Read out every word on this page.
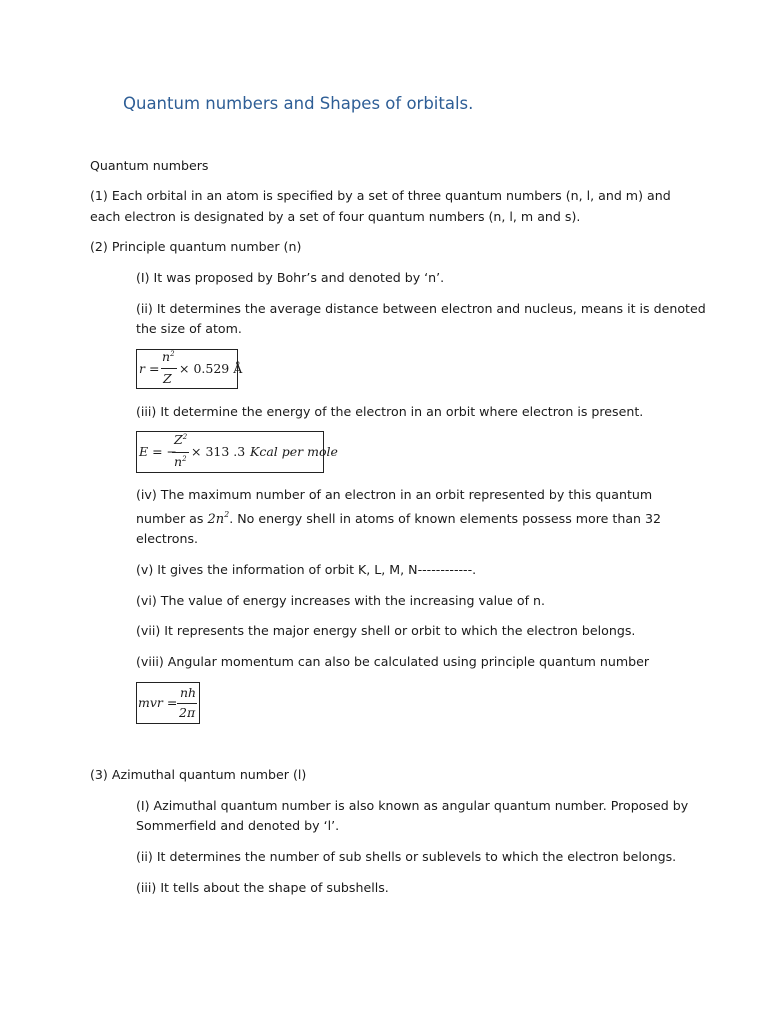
Quantum numbers and Shapes of orbitals.
Quantum numbers
(1) Each orbital in an atom is specified by a set of three quantum numbers (n, l, and m) and
each electron is designated by a set of four quantum numbers (n, l, m and s).
(2) Principle quantum number (n)
(I) It was proposed by Bohr’s and denoted by ‘n’.
(ii) It determines the average distance between electron and nucleus, means it is denoted
the size of atom.
r =
$n^2$
Z
× 0.529 Å
(iii) It determine the energy of the electron in an orbit where electron is present.
E = −
$Z^2$
$n^2 \times 313$ .3 Kcal per mole
(iv) The maximum number of an electron in an orbit represented by this quantum
number as $2n^2$. No energy shell in atoms of known elements possess more than 32
electrons.
(v) It gives the information of orbit K, L, M, N------------.
(vi) The value of energy increases with the increasing value of n.
(vii) It represents the major energy shell or orbit to which the electron belongs.
(viii) Angular momentum can also be calculated using principle quantum number
mvr =
nh
2π
(3) Azimuthal quantum number (l)
(I) Azimuthal quantum number is also known as angular quantum number. Proposed by
Sommerfield and denoted by ‘l’.
(ii) It determines the number of sub shells or sublevels to which the electron belongs.
(iii) It tells about the shape of subshells.
